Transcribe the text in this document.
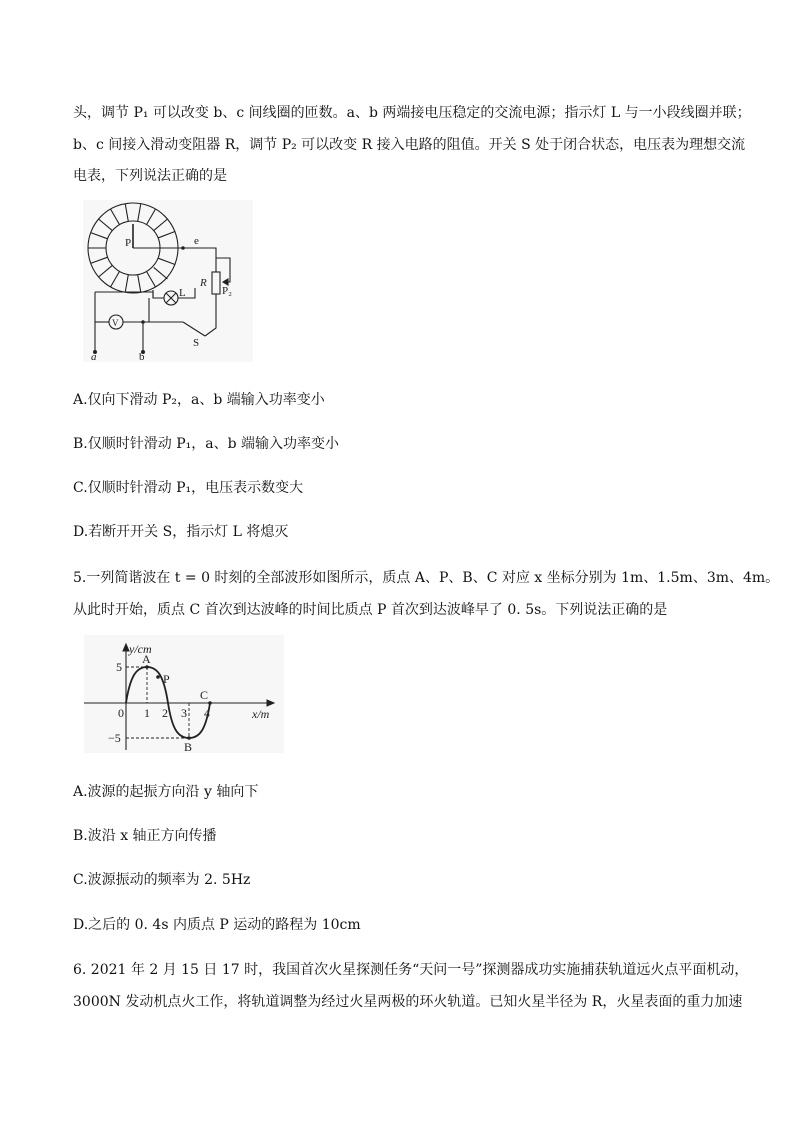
头，调节 P₁ 可以改变 b、c 间线圈的匝数。a、b 两端接电压稳定的交流电源；指示灯 L 与一小段线圈并联；
b、c 间接入滑动变阻器 R，调节 P₂ 可以改变 R 接入电路的阻值。开关 S 处于闭合状态，电压表为理想交流
电表，下列说法正确的是
P₁	e
R
P₂
L
V
S
a	b
A.仅向下滑动 P₂，a、b 端输入功率变小
B.仅顺时针滑动 P₁，a、b 端输入功率变小
C.仅顺时针滑动 P₁，电压表示数变大
D.若断开开关 S，指示灯 L 将熄灭
5.一列简谐波在 t = 0 时刻的全部波形如图所示，质点 A、P、B、C 对应 x 坐标分别为 1m、1.5m、3m、4m。
从此时开始，质点 C 首次到达波峰的时间比质点 P 首次到达波峰早了 0. 5s。下列说法正确的是
y/cm
x/m
5
−5
0 1 2 3 4
A
P
B
C
A.波源的起振方向沿 y 轴向下
B.波沿 x 轴正方向传播
C.波源振动的频率为 2. 5Hz
D.之后的 0. 4s 内质点 P 运动的路程为 10cm
6. 2021 年 2 月 15 日 17 时，我国首次火星探测任务“天问一号”探测器成功实施捕获轨道远火点平面机动，
3000N 发动机点火工作，将轨道调整为经过火星两极的环火轨道。已知火星半径为 R，火星表面的重力加速
